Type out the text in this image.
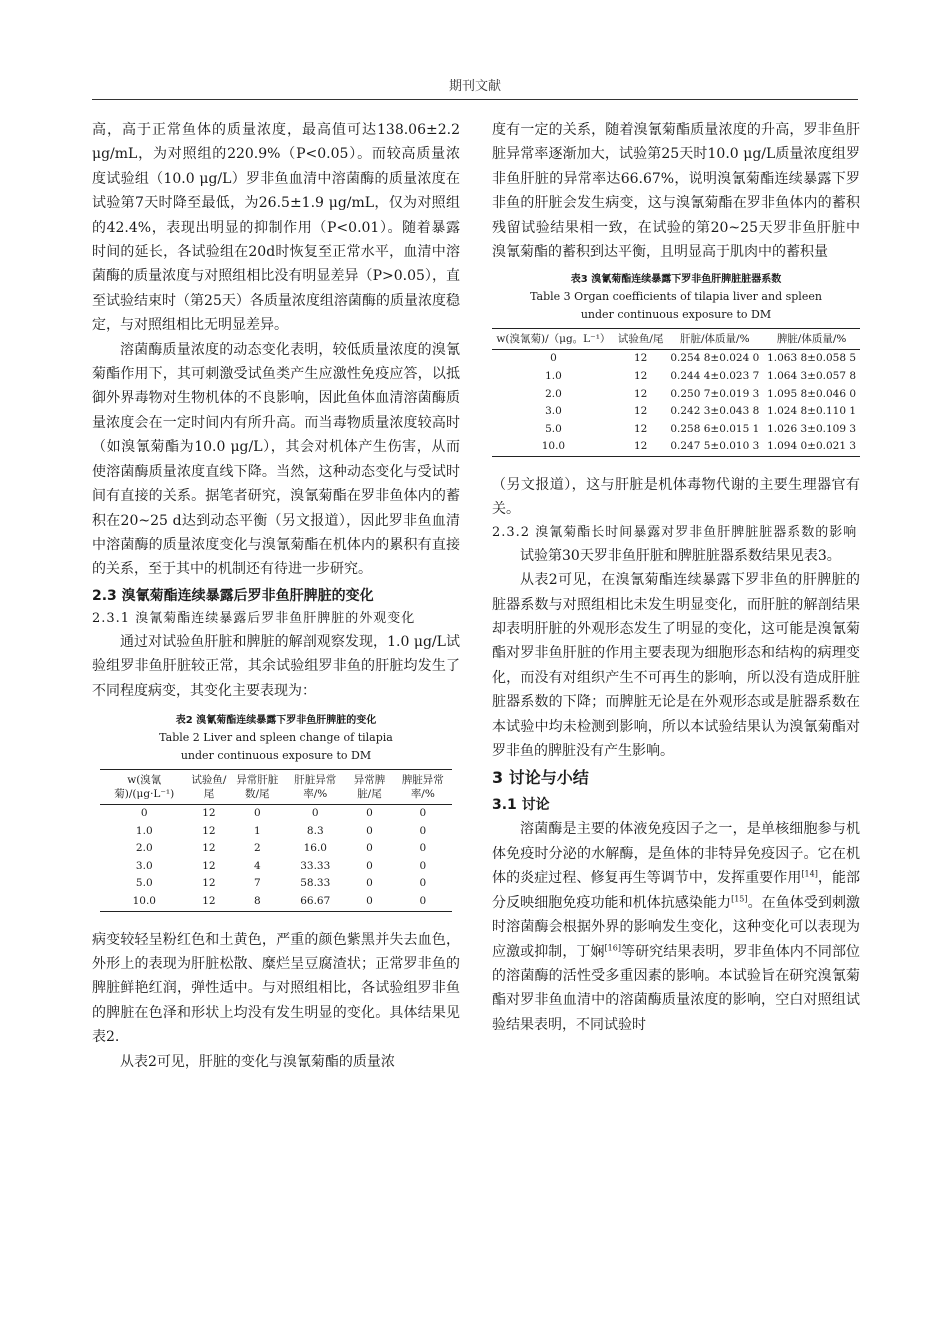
期刊文献

高，高于正常鱼体的质量浓度，最高值可达138.06±2.2 μg/mL，为对照组的220.9%（P<0.05）。而较高质量浓度试验组（10.0 μg/L）罗非鱼血清中溶菌酶的质量浓度在试验第7天时降至最低，为26.5±1.9 μg/mL，仅为对照组的42.4%，表现出明显的抑制作用（P<0.01）。随着暴露时间的延长，各试验组在20d时恢复至正常水平，血清中溶菌酶的质量浓度与对照组相比没有明显差异（P>0.05），直至试验结束时（第25天）各质量浓度组溶菌酶的质量浓度稳定，与对照组相比无明显差异。

溶菌酶质量浓度的动态变化表明，较低质量浓度的溴氰菊酯作用下，其可刺激受试鱼类产生应激性免疫应答，以抵御外界毒物对生物机体的不良影响，因此鱼体血清溶菌酶质量浓度会在一定时间内有所升高。而当毒物质量浓度较高时（如溴氰菊酯为10.0 μg/L），其会对机体产生伤害，从而使溶菌酶质量浓度直线下降。当然，这种动态变化与受试时间有直接的关系。据笔者研究，溴氰菊酯在罗非鱼体内的蓄积在20~25 d达到动态平衡（另文报道），因此罗非鱼血清中溶菌酶的质量浓度变化与溴氰菊酯在机体内的累积有直接的关系，至于其中的机制还有待进一步研究。

2.3 溴氰菊酯连续暴露后罗非鱼肝脾脏的变化
2.3.1 溴氰菊酯连续暴露后罗非鱼肝脾脏的外观变化

通过对试验鱼肝脏和脾脏的解剖观察发现，1.0 μg/L试验组罗非鱼肝脏较正常，其余试验组罗非鱼的肝脏均发生了不同程度病变，其变化主要表现为：

表2 溴氰菊酯连续暴露下罗非鱼肝脾脏的变化
Table 2 Liver and spleen change of tilapia
under continuous exposure to DM
w(溴氰菊)/(μg·L⁻¹)	试验鱼/尾	异常肝脏数/尾	肝脏异常率/%	异常脾脏/尾	脾脏异常率/%
0	12	0	0	0	0
1.0	12	1	8.3	0	0
2.0	12	2	16.0	0	0
3.0	12	4	33.33	0	0
5.0	12	7	58.33	0	0
10.0	12	8	66.67	0	0

病变较轻呈粉红色和土黄色，严重的颜色紫黑并失去血色，外形上的表现为肝脏松散、糜烂呈豆腐渣状；正常罗非鱼的脾脏鲜艳红润，弹性适中。与对照组相比，各试验组罗非鱼的脾脏在色泽和形状上均没有发生明显的变化。具体结果见表2.

从表2可见，肝脏的变化与溴氰菊酯的质量浓

度有一定的关系，随着溴氰菊酯质量浓度的升高，罗非鱼肝脏异常率逐渐加大，试验第25天时10.0 μg/L质量浓度组罗非鱼肝脏的异常率达66.67%，说明溴氰菊酯连续暴露下罗非鱼的肝脏会发生病变，这与溴氰菊酯在罗非鱼体内的蓄积残留试验结果相一致，在试验的第20~25天罗非鱼肝脏中溴氰菊酯的蓄积到达平衡，且明显高于肌肉中的蓄积量

表3 溴氰菊酯连续暴露下罗非鱼肝脾脏脏器系数
Table 3 Organ coefficients of tilapia liver and spleen
under continuous exposure to DM
w(溴氰菊)/（μg。L⁻¹）	试验鱼/尾	肝脏/体质量/%	脾脏/体质量/%
0	12	0.254 8±0.024 0	1.063 8±0.058 5
1.0	12	0.244 4±0.023 7	1.064 3±0.057 8
2.0	12	0.250 7±0.019 3	1.095 8±0.046 0
3.0	12	0.242 3±0.043 8	1.024 8±0.110 1
5.0	12	0.258 6±0.015 1	1.026 3±0.109 3
10.0	12	0.247 5±0.010 3	1.094 0±0.021 3

（另文报道），这与肝脏是机体毒物代谢的主要生理器官有关。

2.3.2 溴氰菊酯长时间暴露对罗非鱼肝脾脏脏器系数的影响

试验第30天罗非鱼肝脏和脾脏脏器系数结果见表3。

从表2可见，在溴氰菊酯连续暴露下罗非鱼的肝脾脏的脏器系数与对照组相比未发生明显变化，而肝脏的解剖结果却表明肝脏的外观形态发生了明显的变化，这可能是溴氰菊酯对罗非鱼肝脏的作用主要表现为细胞形态和结构的病理变化，而没有对组织产生不可再生的影响，所以没有造成肝脏脏器系数的下降；而脾脏无论是在外观形态或是脏器系数在本试验中均未检测到影响，所以本试验结果认为溴氰菊酯对罗非鱼的脾脏没有产生影响。

3 讨论与小结
3.1 讨论

溶菌酶是主要的体液免疫因子之一，是单核细胞参与机体免疫时分泌的水解酶，是鱼体的非特异免疫因子。它在机体的炎症过程、修复再生等调节中，发挥重要作用[14]，能部分反映细胞免疫功能和机体抗感染能力[15]。在鱼体受到刺激时溶菌酶会根据外界的影响发生变化，这种变化可以表现为应激或抑制，丁娴[16]等研究结果表明，罗非鱼体内不同部位的溶菌酶的活性受多重因素的影响。本试验旨在研究溴氰菊酯对罗非鱼血清中的溶菌酶质量浓度的影响，空白对照组试验结果表明，不同试验时
